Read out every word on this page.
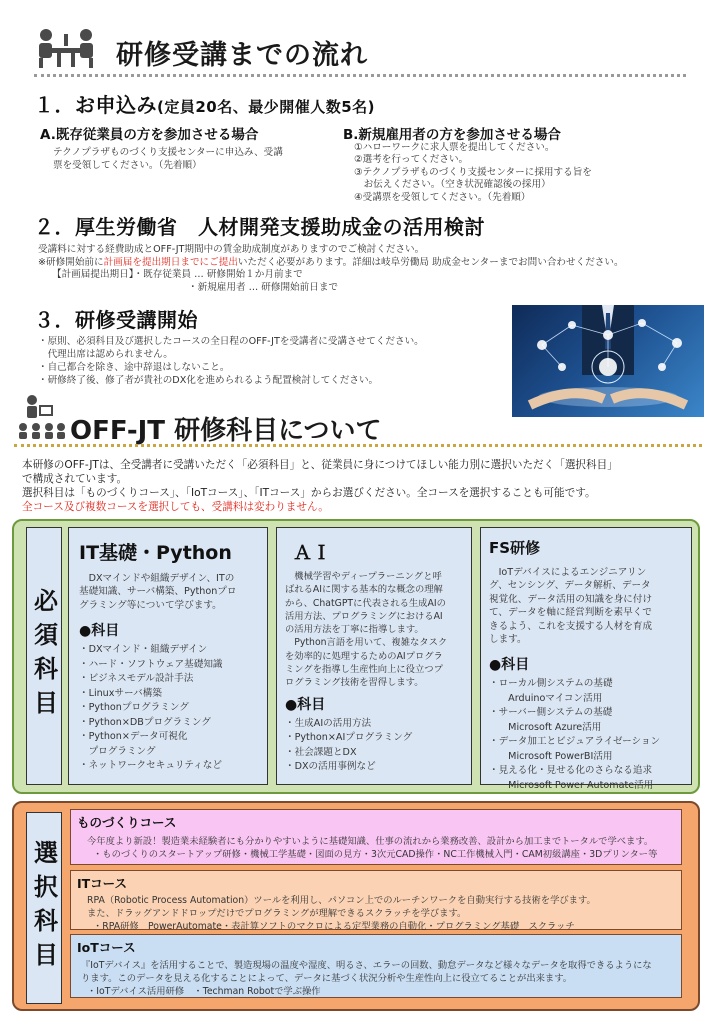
研修受講までの流れ
１．お申込み(定員20名、最少開催人数5名)
A.既存従業員の方を参加させる場合

テクノプラザものづくり支援センターに申込み、受講

票を受領してください。（先着順）

B.新規雇用者の方を参加させる場合

①ハローワークに求人票を提出してください。

②選考を行ってください。

③テクノプラザものづくり支援センターに採用する旨を

　お伝えください。（空き状況確認後の採用）

④受講票を受領してください。（先着順）

２．厚生労働省　人材開発支援助成金の活用検討

受講料に対する経費助成とOFF-JT期間中の賃金助成制度がありますのでご検討ください。

※研修開始前に計画届を提出期日までにご提出いただく必要があります。詳細は岐阜労働局 助成金センターまでお問い合わせください。

【計画届提出期日】・既存従業員 … 研修開始１か月前まで

・新規雇用者 … 研修開始前日まで

３．研修受講開始

・原則、必須科目及び選択したコースの全日程のOFF-JTを受講者に受講させてください。

　代理出席は認められません。

・自己都合を除き、途中辞退はしないこと。

・研修終了後、修了者が貴社のDX化を進められるよう配置検討してください。

OFF-JT 研修科目について

本研修のOFF-JTは、全受講者に受講いただく「必須科目」と、従業員に身につけてほしい能力別に選択いただく「選択科目」

で構成されています。

選択科目は「ものづくりコース」、「IoTコース」、「ITコース」からお選びください。全コースを選択することも可能です。

全コース及び複数コースを選択しても、受講料は変わりません。

必須科目
IT基礎・Python

　DXマインドや組織デザイン、ITの

基礎知識、サーバ構築、Pythonプロ

グラミング等について学びます。

●科目
・DXマインド・組織デザイン
・ハード・ソフトウェア基礎知識
・ビジネスモデル設計手法
・Linuxサーバ構築
・Pythonプログラミング
・Python×DBプログラミング
・Python×データ可視化
　プログラミング
・ネットワークセキュリティなど
ＡＩ

　機械学習やディープラーニングと呼

ばれるAIに関する基本的な概念の理解

から、ChatGPTに代表される生成AIの

活用方法、プログラミングにおけるAI

の活用方法を丁寧に指導します。

　Python言語を用いて、複雑なタスク

を効率的に処理するためのAIプログラ

ミングを指導し生産性向上に役立つプ

ログラミング技術を習得します。

●科目
・生成AIの活用方法
・Python×AIプログラミング
・社会課題とDX
・DXの活用事例など
FS研修

　IoTデバイスによるエンジニアリン

グ、センシング、データ解析、データ

視覚化、データ活用の知識を身に付け

て、データを軸に経営判断を素早くで

きるよう、これを支援する人材を育成

します。

●科目
・ローカル側システムの基礎
　　Arduinoマイコン活用
・サーバー側システムの基礎
　　Microsoft Azure活用
・データ加工とビジュアライゼーション
　　Microsoft PowerBI活用
・見える化・見せる化のさらなる追求
　　Microsoft Power Automate活用
選択科目
ものづくりコース

今年度より新設！製造業未経験者にも分かりやすいように基礎知識、仕事の流れから業務改善、設計から加工までトータルで学べます。

・ものづくりのスタートアップ研修・機械工学基礎・図面の見方・3次元CAD操作・NC工作機械入門・CAM初級講座・3Dプリンター等

ITコース

RPA（Robotic Process Automation）ツールを利用し、パソコン上でのルーチンワークを自動実行する技術を学びます。

また、ドラッグアンドドロップだけでプログラミングが理解できるスクラッチを学びます。

・RPA研修　PowerAutomate・表計算ソフトのマクロによる定型業務の自動化・プログラミング基礎　スクラッチ

IoTコース

『IoTデバイス』を活用することで、製造現場の温度や湿度、明るさ、エラーの回数、動怠データなど様々なデータを取得できるようにな

ります。このデータを見える化することによって、データに基づく状況分析や生産性向上に役立てることが出来ます。

・IoTデバイス活用研修　・Techman Robotで学ぶ操作
